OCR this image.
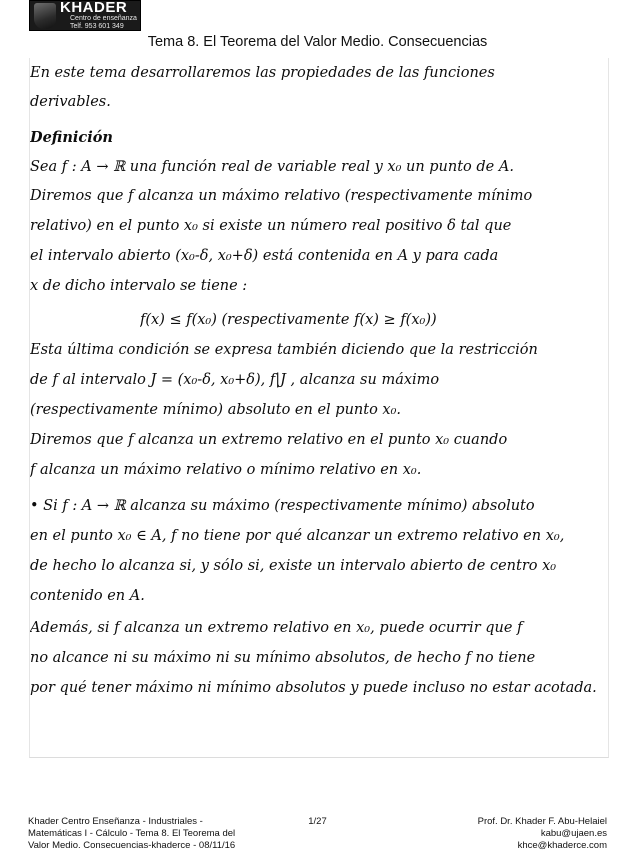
KHADER
Centro de enseñanza
Telf. 953 601 349
Tema 8. El Teorema del Valor Medio. Consecuencias

En este tema desarrollaremos las propiedades de las funciones

derivables.

Definición

Sea f : A → ℝ una función real de variable real y x₀ un punto de A.

Diremos que f alcanza un máximo relativo (respectivamente mínimo

relativo) en el punto x₀ si existe un número real positivo δ tal que

el intervalo abierto (x₀-δ, x₀+δ) está contenida en A y para cada

x de dicho intervalo se tiene :

f(x) ≤ f(x₀) (respectivamente f(x) ≥ f(x₀))

Esta última condición se expresa también diciendo que la restricción

de f al intervalo J = (x₀-δ, x₀+δ), f|J , alcanza su máximo

(respectivamente mínimo) absoluto en el punto x₀.

Diremos que f alcanza un extremo relativo en el punto x₀ cuando

f alcanza un máximo relativo o mínimo relativo en x₀.

• Si f : A → ℝ alcanza su máximo (respectivamente mínimo) absoluto

en el punto x₀ ∈ A, f no tiene por qué alcanzar un extremo relativo en x₀,

de hecho lo alcanza si, y sólo si, existe un intervalo abierto de centro x₀

contenido en A.

Además, si f alcanza un extremo relativo en x₀, puede ocurrir que f

no alcance ni su máximo ni su mínimo absolutos, de hecho f no tiene

por qué tener máximo ni mínimo absolutos y puede incluso no estar acotada.

Khader Centro Enseñanza - Industriales -
Matemáticas I - Cálculo - Tema 8. El Teorema del
Valor Medio. Consecuencias-khaderce - 08/11/16
1/27	Prof. Dr. Khader F. Abu-Helaiel
kabu@ujaen.es
khce@khaderce.com
